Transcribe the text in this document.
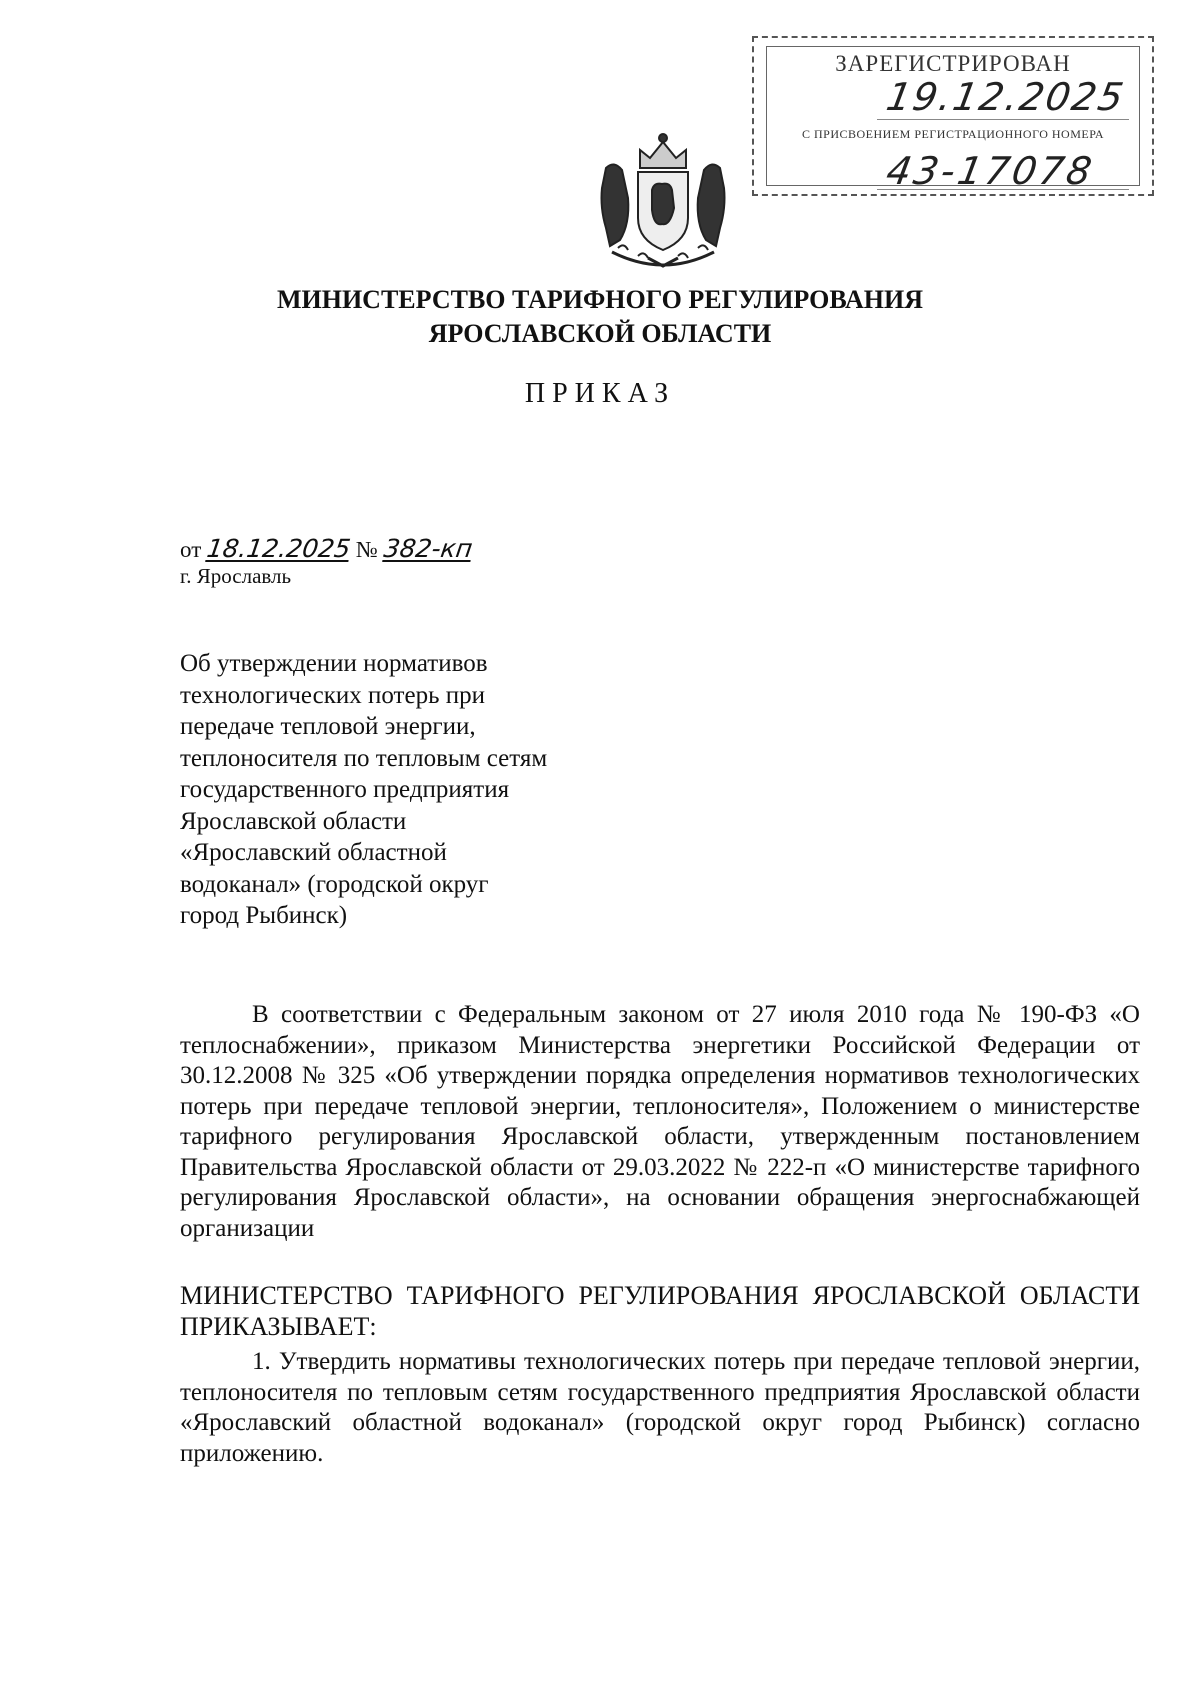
ЗАРЕГИСТРИРОВАН
19.12.2025
С ПРИСВОЕНИЕМ РЕГИСТРАЦИОННОГО НОМЕРА
43-17078
МИНИСТЕРСТВО ТАРИФНОГО РЕГУЛИРОВАНИЯ
ЯРОСЛАВСКОЙ ОБЛАСТИ
ПРИКАЗ
от 18.12.2025 № 382-кп
г. Ярославль
Об утверждении нормативов
технологических потерь при
передаче тепловой энергии,
теплоносителя по тепловым сетям
государственного предприятия
Ярославской области
«Ярославский областной
водоканал» (городской округ
город Рыбинск)
В соответствии с Федеральным законом от 27 июля 2010 года № 190-ФЗ «О теплоснабжении», приказом Министерства энергетики Российской Федерации от 30.12.2008 № 325 «Об утверждении порядка определения нормативов технологических потерь при передаче тепловой энергии, теплоносителя», Положением о министерстве тарифного регулирования Ярославской области, утвержденным постановлением Правительства Ярославской области от 29.03.2022 № 222-п «О министерстве тарифного регулирования Ярославской области», на основании обращения энергоснабжающей организации
МИНИСТЕРСТВО ТАРИФНОГО РЕГУЛИРОВАНИЯ ЯРОСЛАВСКОЙ ОБЛАСТИ ПРИКАЗЫВАЕТ:
1. Утвердить нормативы технологических потерь при передаче тепловой энергии, теплоносителя по тепловым сетям государственного предприятия Ярославской области «Ярославский областной водоканал» (городской округ город Рыбинск) согласно приложению.
